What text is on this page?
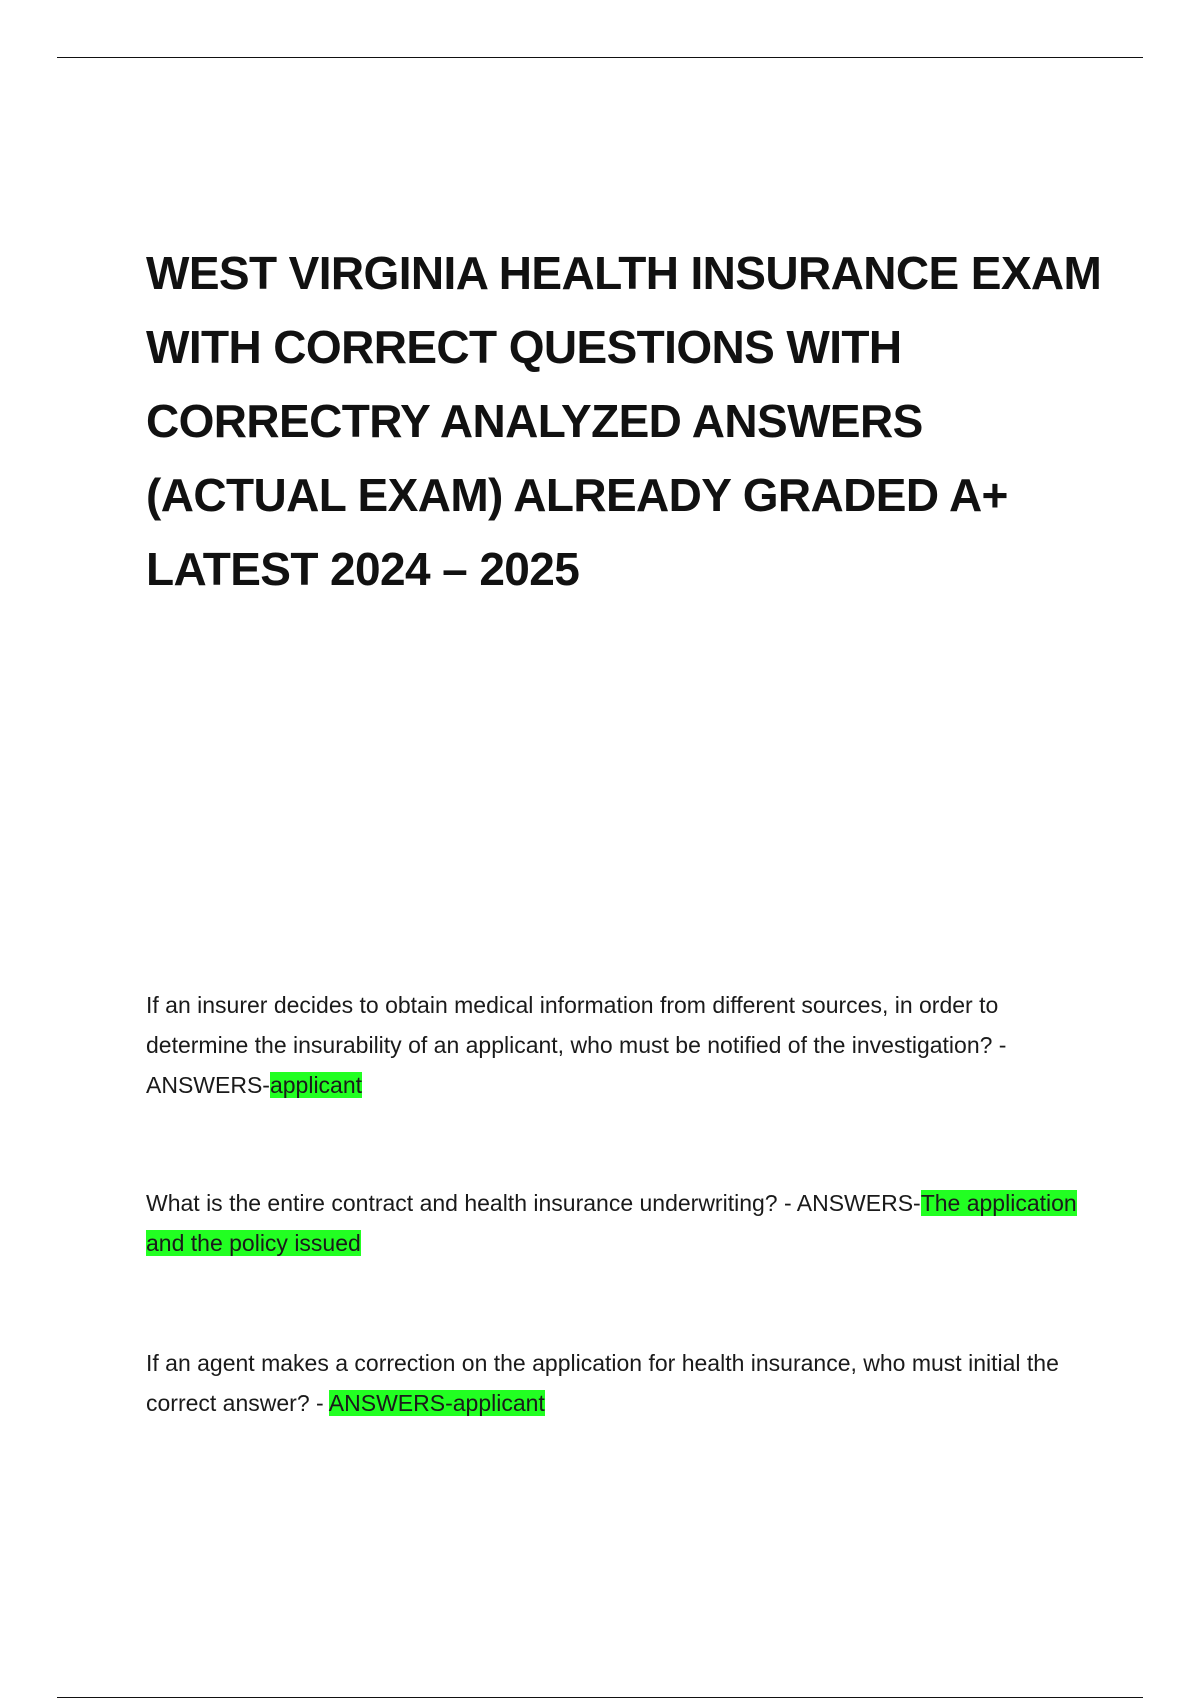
WEST VIRGINIA HEALTH INSURANCE EXAM WITH CORRECT QUESTIONS WITH CORRECTRY ANALYZED ANSWERS (ACTUAL EXAM) ALREADY GRADED A+ LATEST 2024 – 2025

If an insurer decides to obtain medical information from different sources, in order to determine the insurability of an applicant, who must be notified of the investigation? - ANSWERS-applicant

What is the entire contract and health insurance underwriting? - ANSWERS-The application and the policy issued

If an agent makes a correction on the application for health insurance, who must initial the correct answer? - ANSWERS-applicant
